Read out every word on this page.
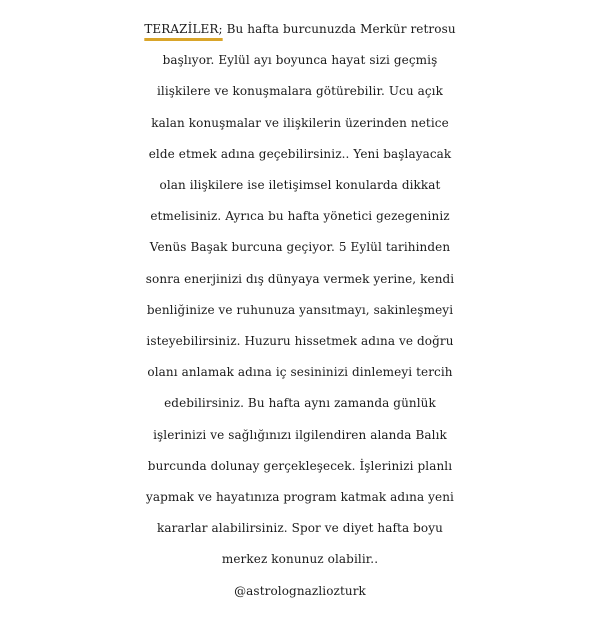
TERAZİLER; Bu hafta burcunuzda Merkür retrosu
başlıyor. Eylül ayı boyunca hayat sizi geçmiş
ilişkilere ve konuşmalara götürebilir. Ucu açık
kalan konuşmalar ve ilişkilerin üzerinden netice
elde etmek adına geçebilirsiniz.. Yeni başlayacak
olan ilişkilere ise iletişimsel konularda dikkat
etmelisiniz. Ayrıca bu hafta yönetici gezegeniniz
Venüs Başak burcuna geçiyor. 5 Eylül tarihinden
sonra enerjinizi dış dünyaya vermek yerine, kendi
benliğinize ve ruhunuza yansıtmayı, sakinleşmeyi
isteyebilirsiniz. Huzuru hissetmek adına ve doğru
olanı anlamak adına iç sesininizi dinlemeyi tercih
edebilirsiniz. Bu hafta aynı zamanda günlük
işlerinizi ve sağlığınızı ilgilendiren alanda Balık
burcunda dolunay gerçekleşecek. İşlerinizi planlı
yapmak ve hayatınıza program katmak adına yeni
kararlar alabilirsiniz. Spor ve diyet hafta boyu
merkez konunuz olabilir..
@astrolognazliozturk
